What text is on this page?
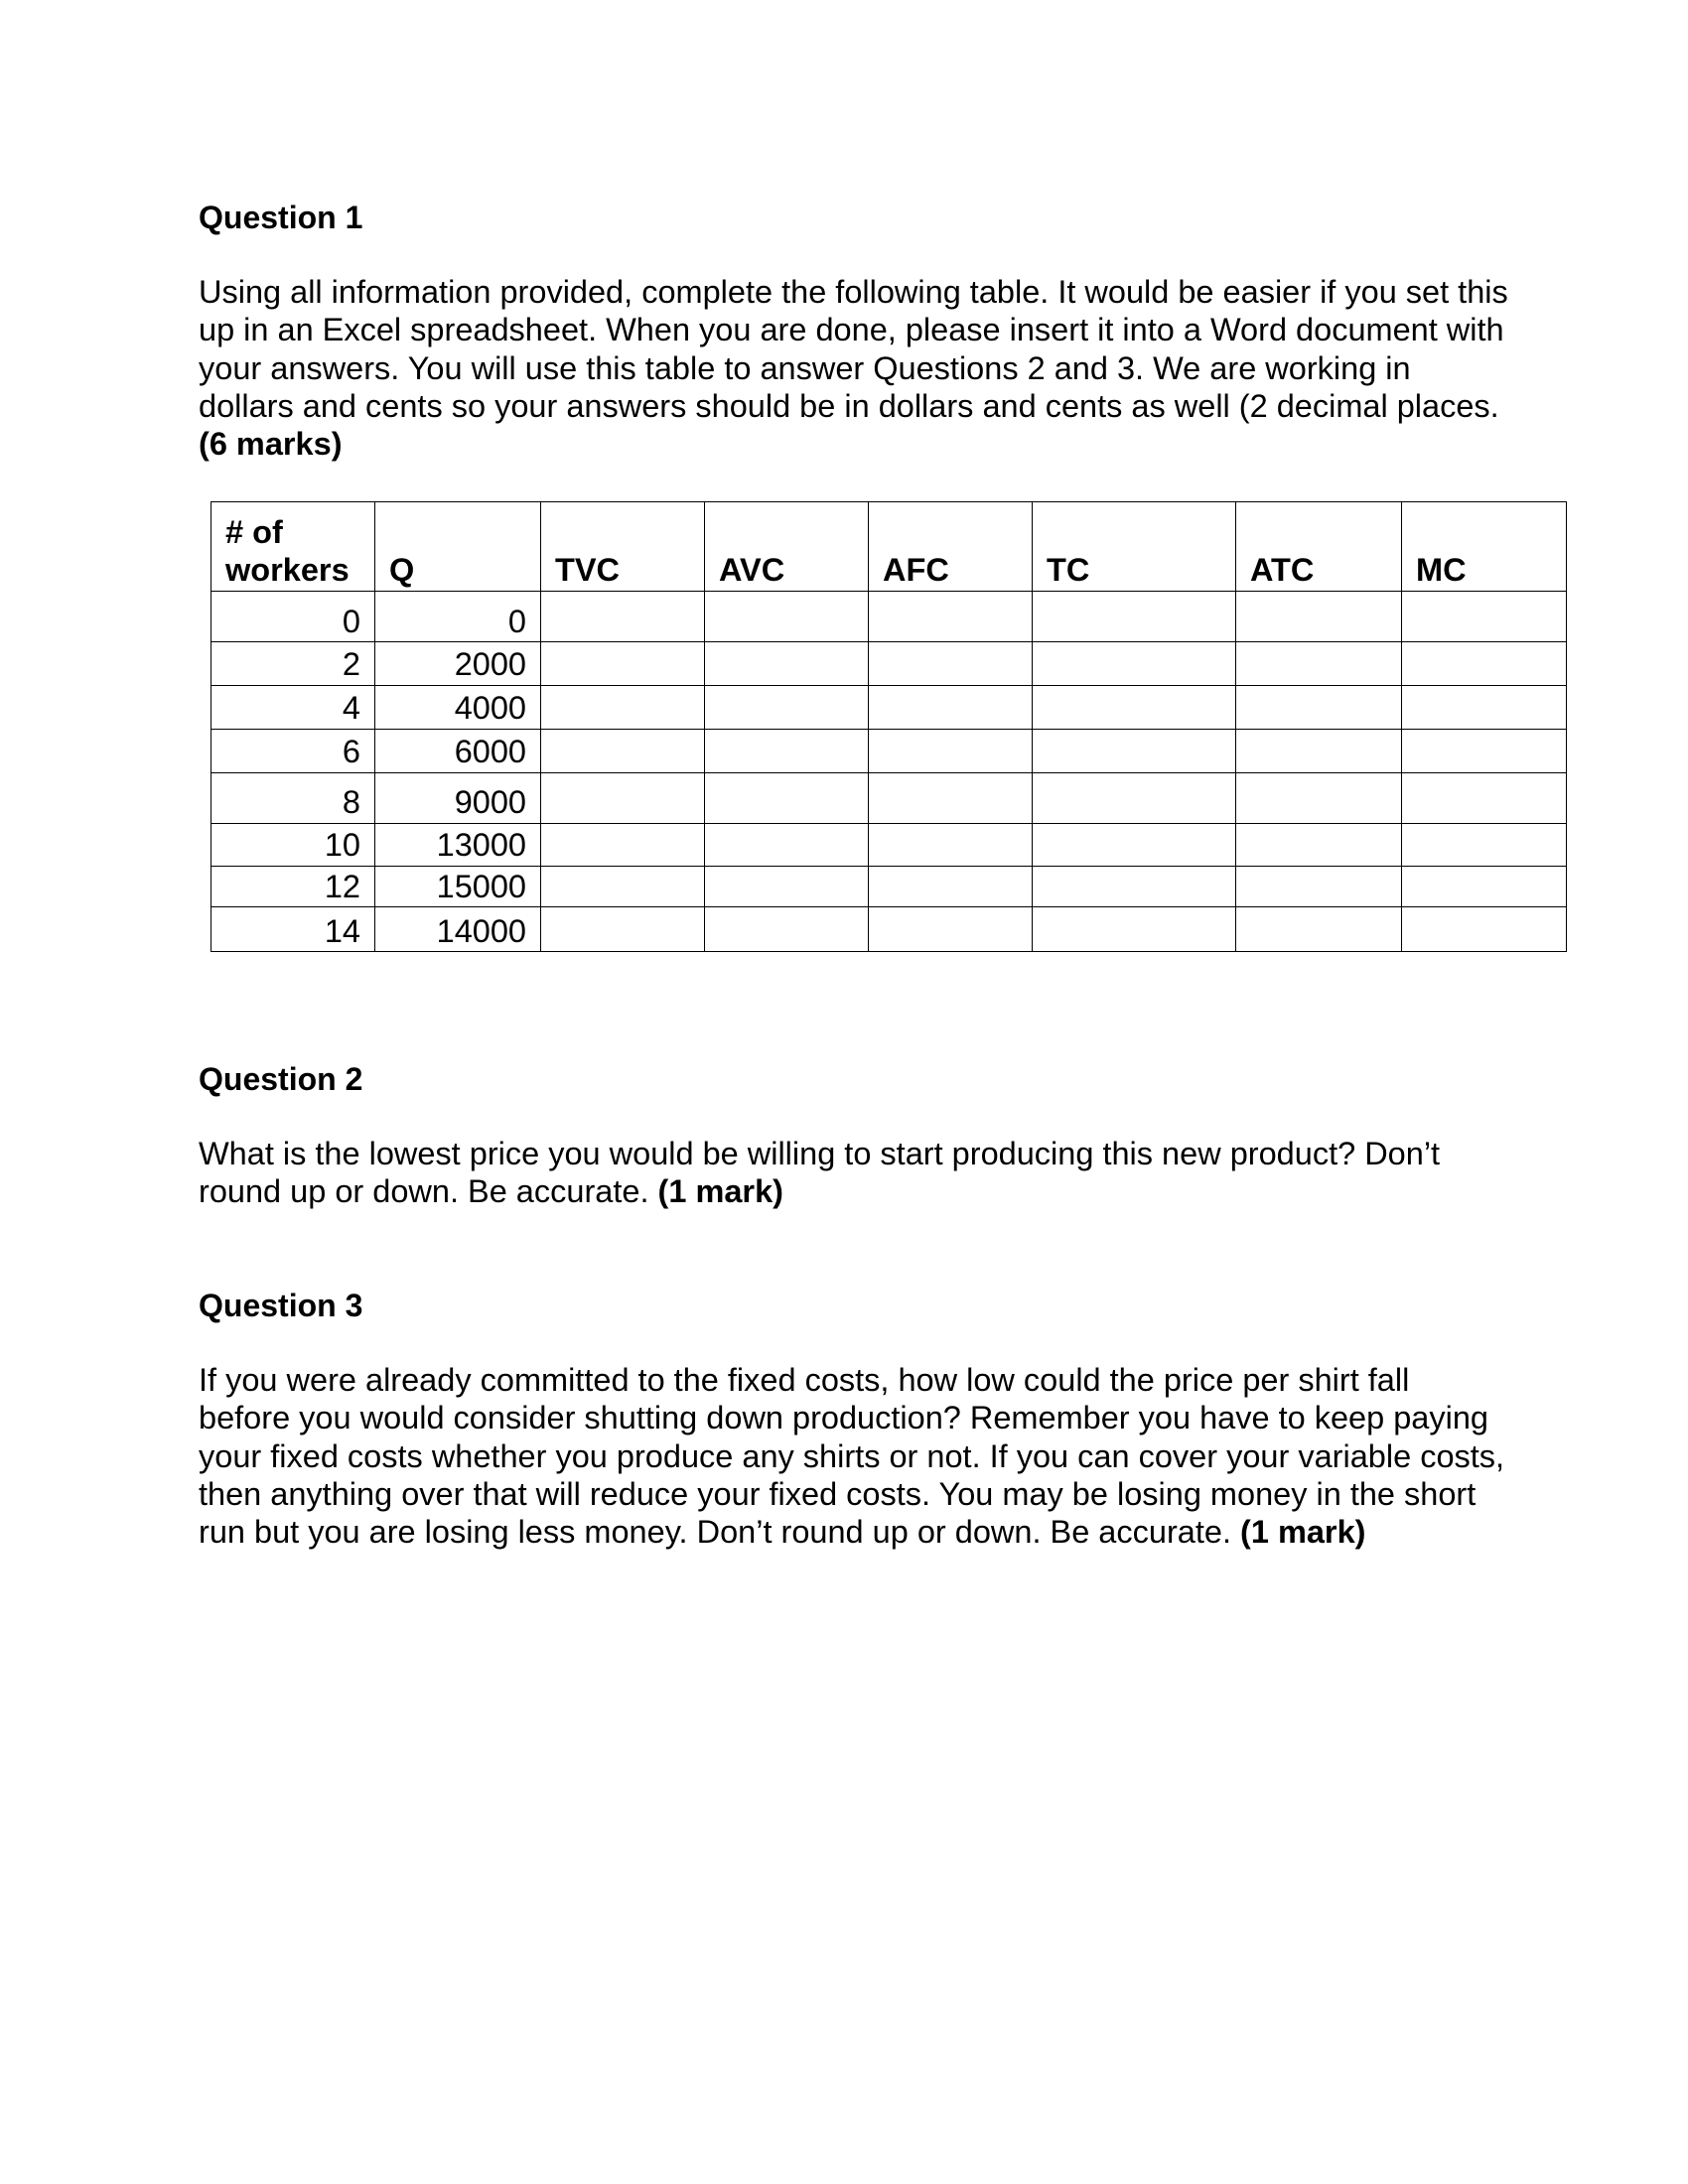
Question 1

Using all information provided, complete the following table. It would be easier if you set this up in an Excel spreadsheet. When you are done, please insert it into a Word document with your answers. You will use this table to answer Questions 2 and 3. We are working in dollars and cents so your answers should be in dollars and cents as well (2 decimal places. (6 marks)

# of workers	Q	TVC	AVC	AFC	TC	ATC	MC
0	0						
2	2000						
4	4000						
6	6000						
8	9000						
10	13000						
12	15000						
14	14000						
Question 2

What is the lowest price you would be willing to start producing this new product? Don’t round up or down. Be accurate. (1 mark)

Question 3

If you were already committed to the fixed costs, how low could the price per shirt fall before you would consider shutting down production? Remember you have to keep paying your fixed costs whether you produce any shirts or not. If you can cover your variable costs, then anything over that will reduce your fixed costs. You may be losing money in the short run but you are losing less money. Don’t round up or down. Be accurate. (1 mark)
